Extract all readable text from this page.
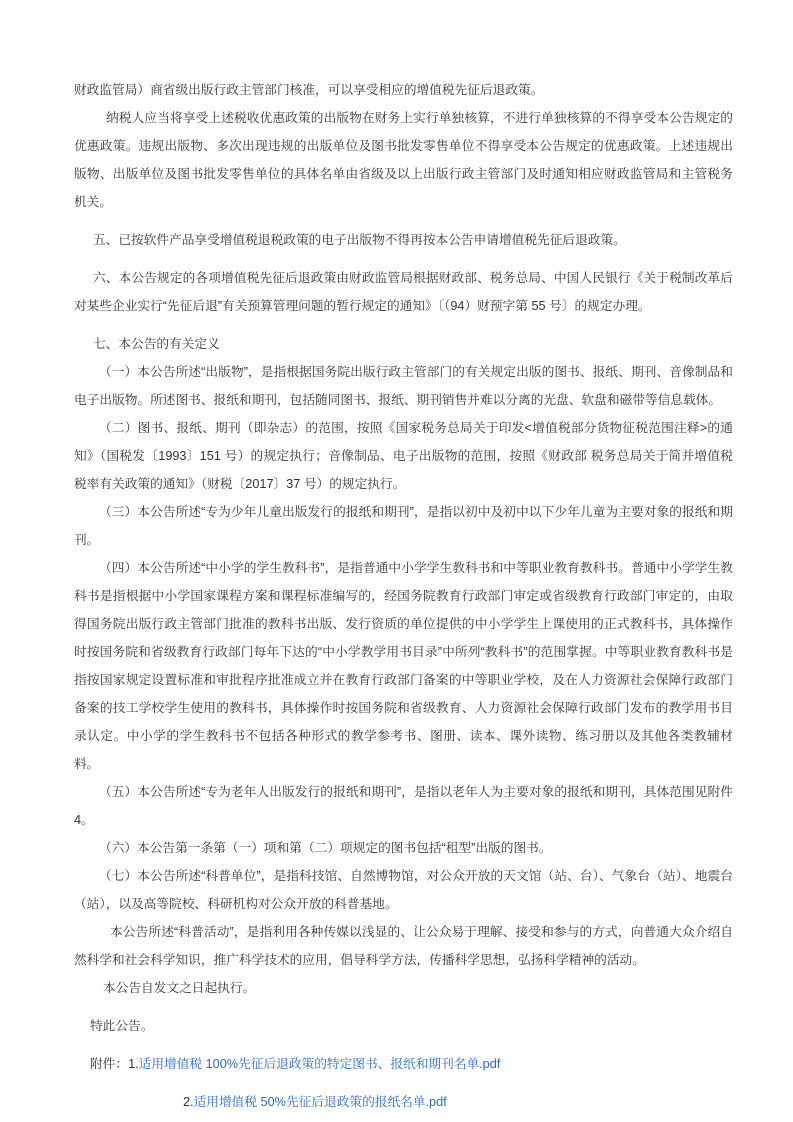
财政监管局）商省级出版行政主管部门核准，可以享受相应的增值税先征后退政策。

纳税人应当将享受上述税收优惠政策的出版物在财务上实行单独核算，不进行单独核算的不得享受本公告规定的优惠政策。违规出版物、多次出现违规的出版单位及图书批发零售单位不得享受本公告规定的优惠政策。上述违规出版物、出版单位及图书批发零售单位的具体名单由省级及以上出版行政主管部门及时通知相应财政监管局和主管税务机关。

五、已按软件产品享受增值税退税政策的电子出版物不得再按本公告申请增值税先征后退政策。

六、本公告规定的各项增值税先征后退政策由财政监管局根据财政部、税务总局、中国人民银行《关于税制改革后对某些企业实行“先征后退”有关预算管理问题的暂行规定的通知》〔（94）财预字第 55 号〕的规定办理。

七、本公告的有关定义

（一）本公告所述“出版物”，是指根据国务院出版行政主管部门的有关规定出版的图书、报纸、期刊、音像制品和电子出版物。所述图书、报纸和期刊，包括随同图书、报纸、期刊销售并难以分离的光盘、软盘和磁带等信息载体。

（二）图书、报纸、期刊（即杂志）的范围，按照《国家税务总局关于印发<增值税部分货物征税范围注释>的通知》（国税发〔1993〕151 号）的规定执行；音像制品、电子出版物的范围，按照《财政部 税务总局关于简并增值税税率有关政策的通知》（财税〔2017〕37 号）的规定执行。

（三）本公告所述“专为少年儿童出版发行的报纸和期刊”，是指以初中及初中以下少年儿童为主要对象的报纸和期刊。

（四）本公告所述“中小学的学生教科书”，是指普通中小学学生教科书和中等职业教育教科书。普通中小学学生教科书是指根据中小学国家课程方案和课程标准编写的，经国务院教育行政部门审定或省级教育行政部门审定的，由取得国务院出版行政主管部门批准的教科书出版、发行资质的单位提供的中小学学生上课使用的正式教科书，具体操作时按国务院和省级教育行政部门每年下达的“中小学教学用书目录”中所列“教科书”的范围掌握。中等职业教育教科书是指按国家规定设置标准和审批程序批准成立并在教育行政部门备案的中等职业学校，及在人力资源社会保障行政部门备案的技工学校学生使用的教科书，具体操作时按国务院和省级教育、人力资源社会保障行政部门发布的教学用书目录认定。中小学的学生教科书不包括各种形式的教学参考书、图册、读本、课外读物、练习册以及其他各类教辅材料。

（五）本公告所述“专为老年人出版发行的报纸和期刊”，是指以老年人为主要对象的报纸和期刊，具体范围见附件4。

（六）本公告第一条第（一）项和第（二）项规定的图书包括“租型”出版的图书。

（七）本公告所述“科普单位”，是指科技馆、自然博物馆，对公众开放的天文馆（站、台）、气象台（站）、地震台（站），以及高等院校、科研机构对公众开放的科普基地。

本公告所述“科普活动”，是指利用各种传媒以浅显的、让公众易于理解、接受和参与的方式，向普通大众介绍自然科学和社会科学知识，推广科学技术的应用，倡导科学方法，传播科学思想，弘扬科学精神的活动。

本公告自发文之日起执行。

特此公告。

附件：1.适用增值税 100%先征后退政策的特定图书、报纸和期刊名单.pdf

2.适用增值税 50%先征后退政策的报纸名单.pdf
